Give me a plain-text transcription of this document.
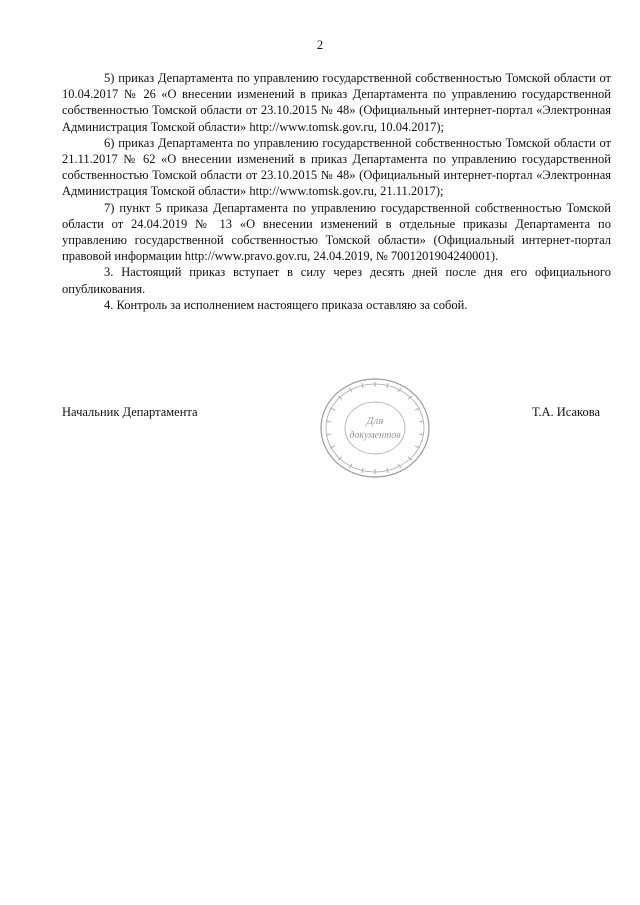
2

5) приказ Департамента по управлению государственной собственностью Томской области от 10.04.2017 № 26 «О внесении изменений в приказ Департамента по управлению государственной собственностью Томской области от 23.10.2015 № 48» (Официальный интернет-портал «Электронная Администрация Томской области» http://www.tomsk.gov.ru, 10.04.2017);

6) приказ Департамента по управлению государственной собственностью Томской области от 21.11.2017 № 62 «О внесении изменений в приказ Департамента по управлению государственной собственностью Томской области от 23.10.2015 № 48» (Официальный интернет-портал «Электронная Администрация Томской области» http://www.tomsk.gov.ru, 21.11.2017);

7) пункт 5 приказа Департамента по управлению государственной собственностью Томской области от 24.04.2019 № 13 «О внесении изменений в отдельные приказы Департамента по управлению государственной собственностью Томской области» (Официальный интернет-портал правовой информации http://www.pravo.gov.ru, 24.04.2019, № 7001201904240001).

3. Настоящий приказ вступает в силу через десять дней после дня его официального опубликования.

4. Контроль за исполнением настоящего приказа оставляю за собой.

Начальник Департамента	Т.А. Исакова
Для
документов
